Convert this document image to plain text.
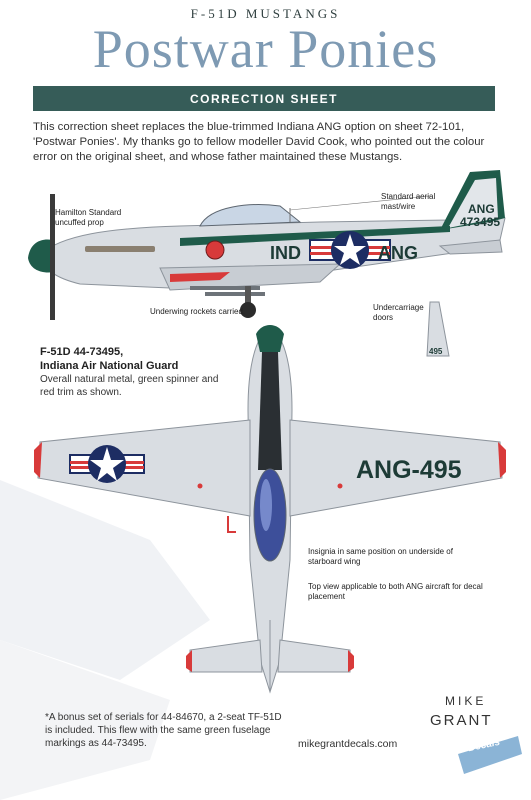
F-51D MUSTANGS
Postwar Ponies
CORRECTION SHEET
This correction sheet replaces the blue-trimmed Indiana ANG option on sheet 72-101, 'Postwar Ponies'. My thanks go to fellow modeller David Cook, who pointed out the colour error on the original sheet, and whose father maintained these Mustangs.
IND	ANG
ANG
473495
Hamilton Standard uncuffed prop
Standard aerial mast/wire
Underwing rockets carried.	Undercarriage doors
495
F-51D 44-73495,
Indiana Air National Guard
Overall natural metal, green spinner and red trim as shown.
ANG-495
Insignia in same position on underside of starboard wing
Top view applicable to both ANG aircraft for decal placement
*A bonus set of serials for 44-84670, a 2-seat TF-51D is included. This flew with the same green fuselage markings as 44-73495.	mikegrantdecals.com
MIKE
GRANT
Decals
